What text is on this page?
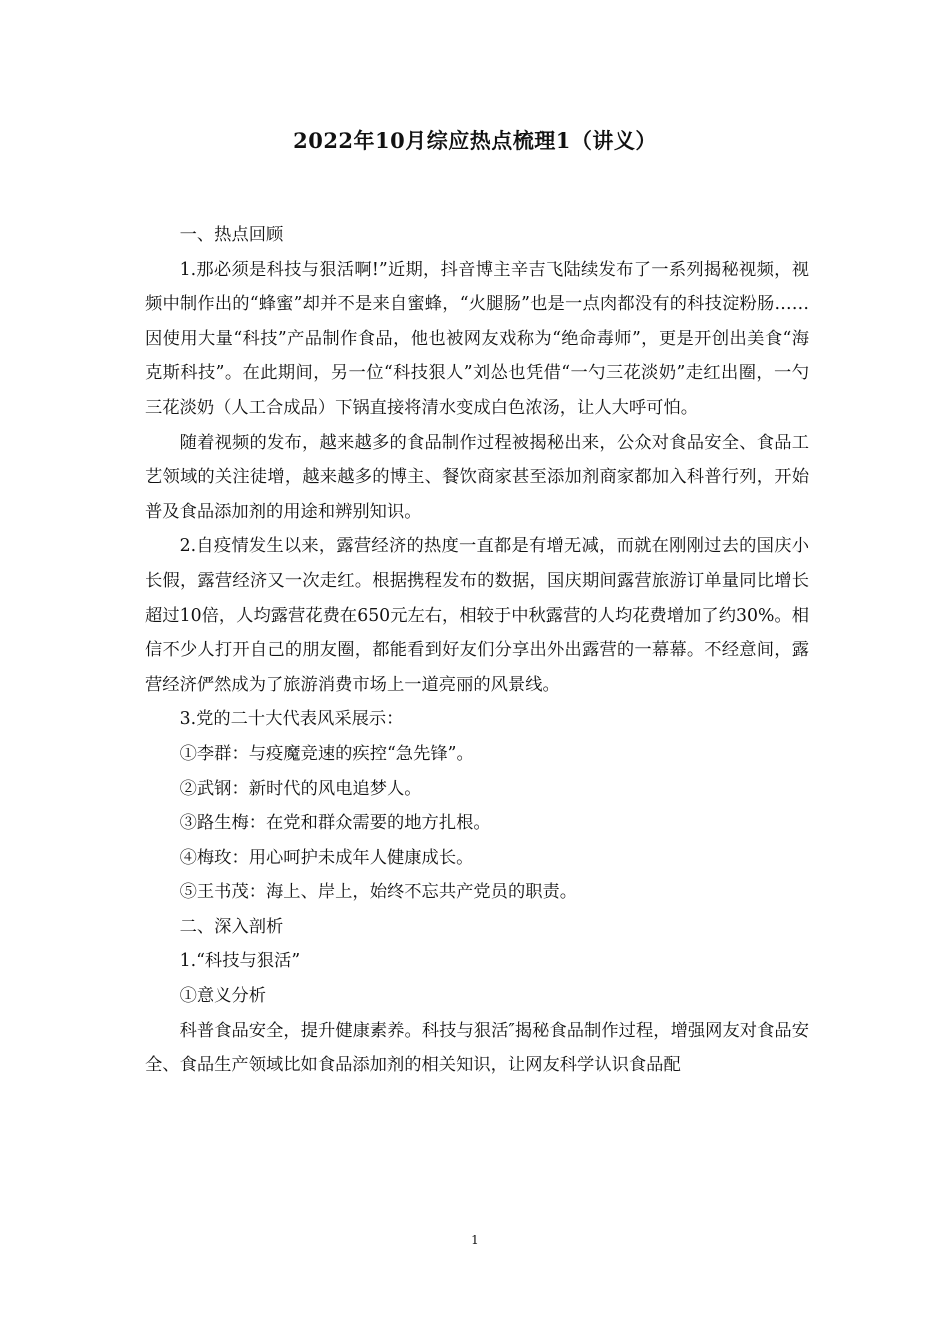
2022年10月综应热点梳理1（讲义）

一、热点回顾

1.那必须是科技与狠活啊!”近期，抖音博主辛吉飞陆续发布了一系列揭秘视频，视频中制作出的“蜂蜜”却并不是来自蜜蜂，“火腿肠”也是一点肉都没有的科技淀粉肠……因使用大量“科技”产品制作食品，他也被网友戏称为“绝命毒师”，更是开创出美食“海克斯科技”。在此期间，另一位“科技狠人”刘怂也凭借“一勺三花淡奶”走红出圈，一勺三花淡奶（人工合成品）下锅直接将清水变成白色浓汤，让人大呼可怕。

随着视频的发布，越来越多的食品制作过程被揭秘出来，公众对食品安全、食品工艺领域的关注徒增，越来越多的博主、餐饮商家甚至添加剂商家都加入科普行列，开始普及食品添加剂的用途和辨别知识。

2.自疫情发生以来，露营经济的热度一直都是有增无减，而就在刚刚过去的国庆小长假，露营经济又一次走红。根据携程发布的数据，国庆期间露营旅游订单量同比增长超过10倍，人均露营花费在650元左右，相较于中秋露营的人均花费增加了约30%。相信不少人打开自己的朋友圈，都能看到好友们分享出外出露营的一幕幕。不经意间，露营经济俨然成为了旅游消费市场上一道亮丽的风景线。

3.党的二十大代表风采展示：

①李群：与疫魔竞速的疾控“急先锋”。

②武钢：新时代的风电追梦人。

③路生梅：在党和群众需要的地方扎根。

④梅玫：用心呵护未成年人健康成长。

⑤王书茂：海上、岸上，始终不忘共产党员的职责。

二、深入剖析

1.“科技与狠活”

①意义分析

科普食品安全，提升健康素养。科技与狠活″揭秘食品制作过程，增强网友对食品安全、食品生产领域比如食品添加剂的相关知识，让网友科学认识食品配

1
